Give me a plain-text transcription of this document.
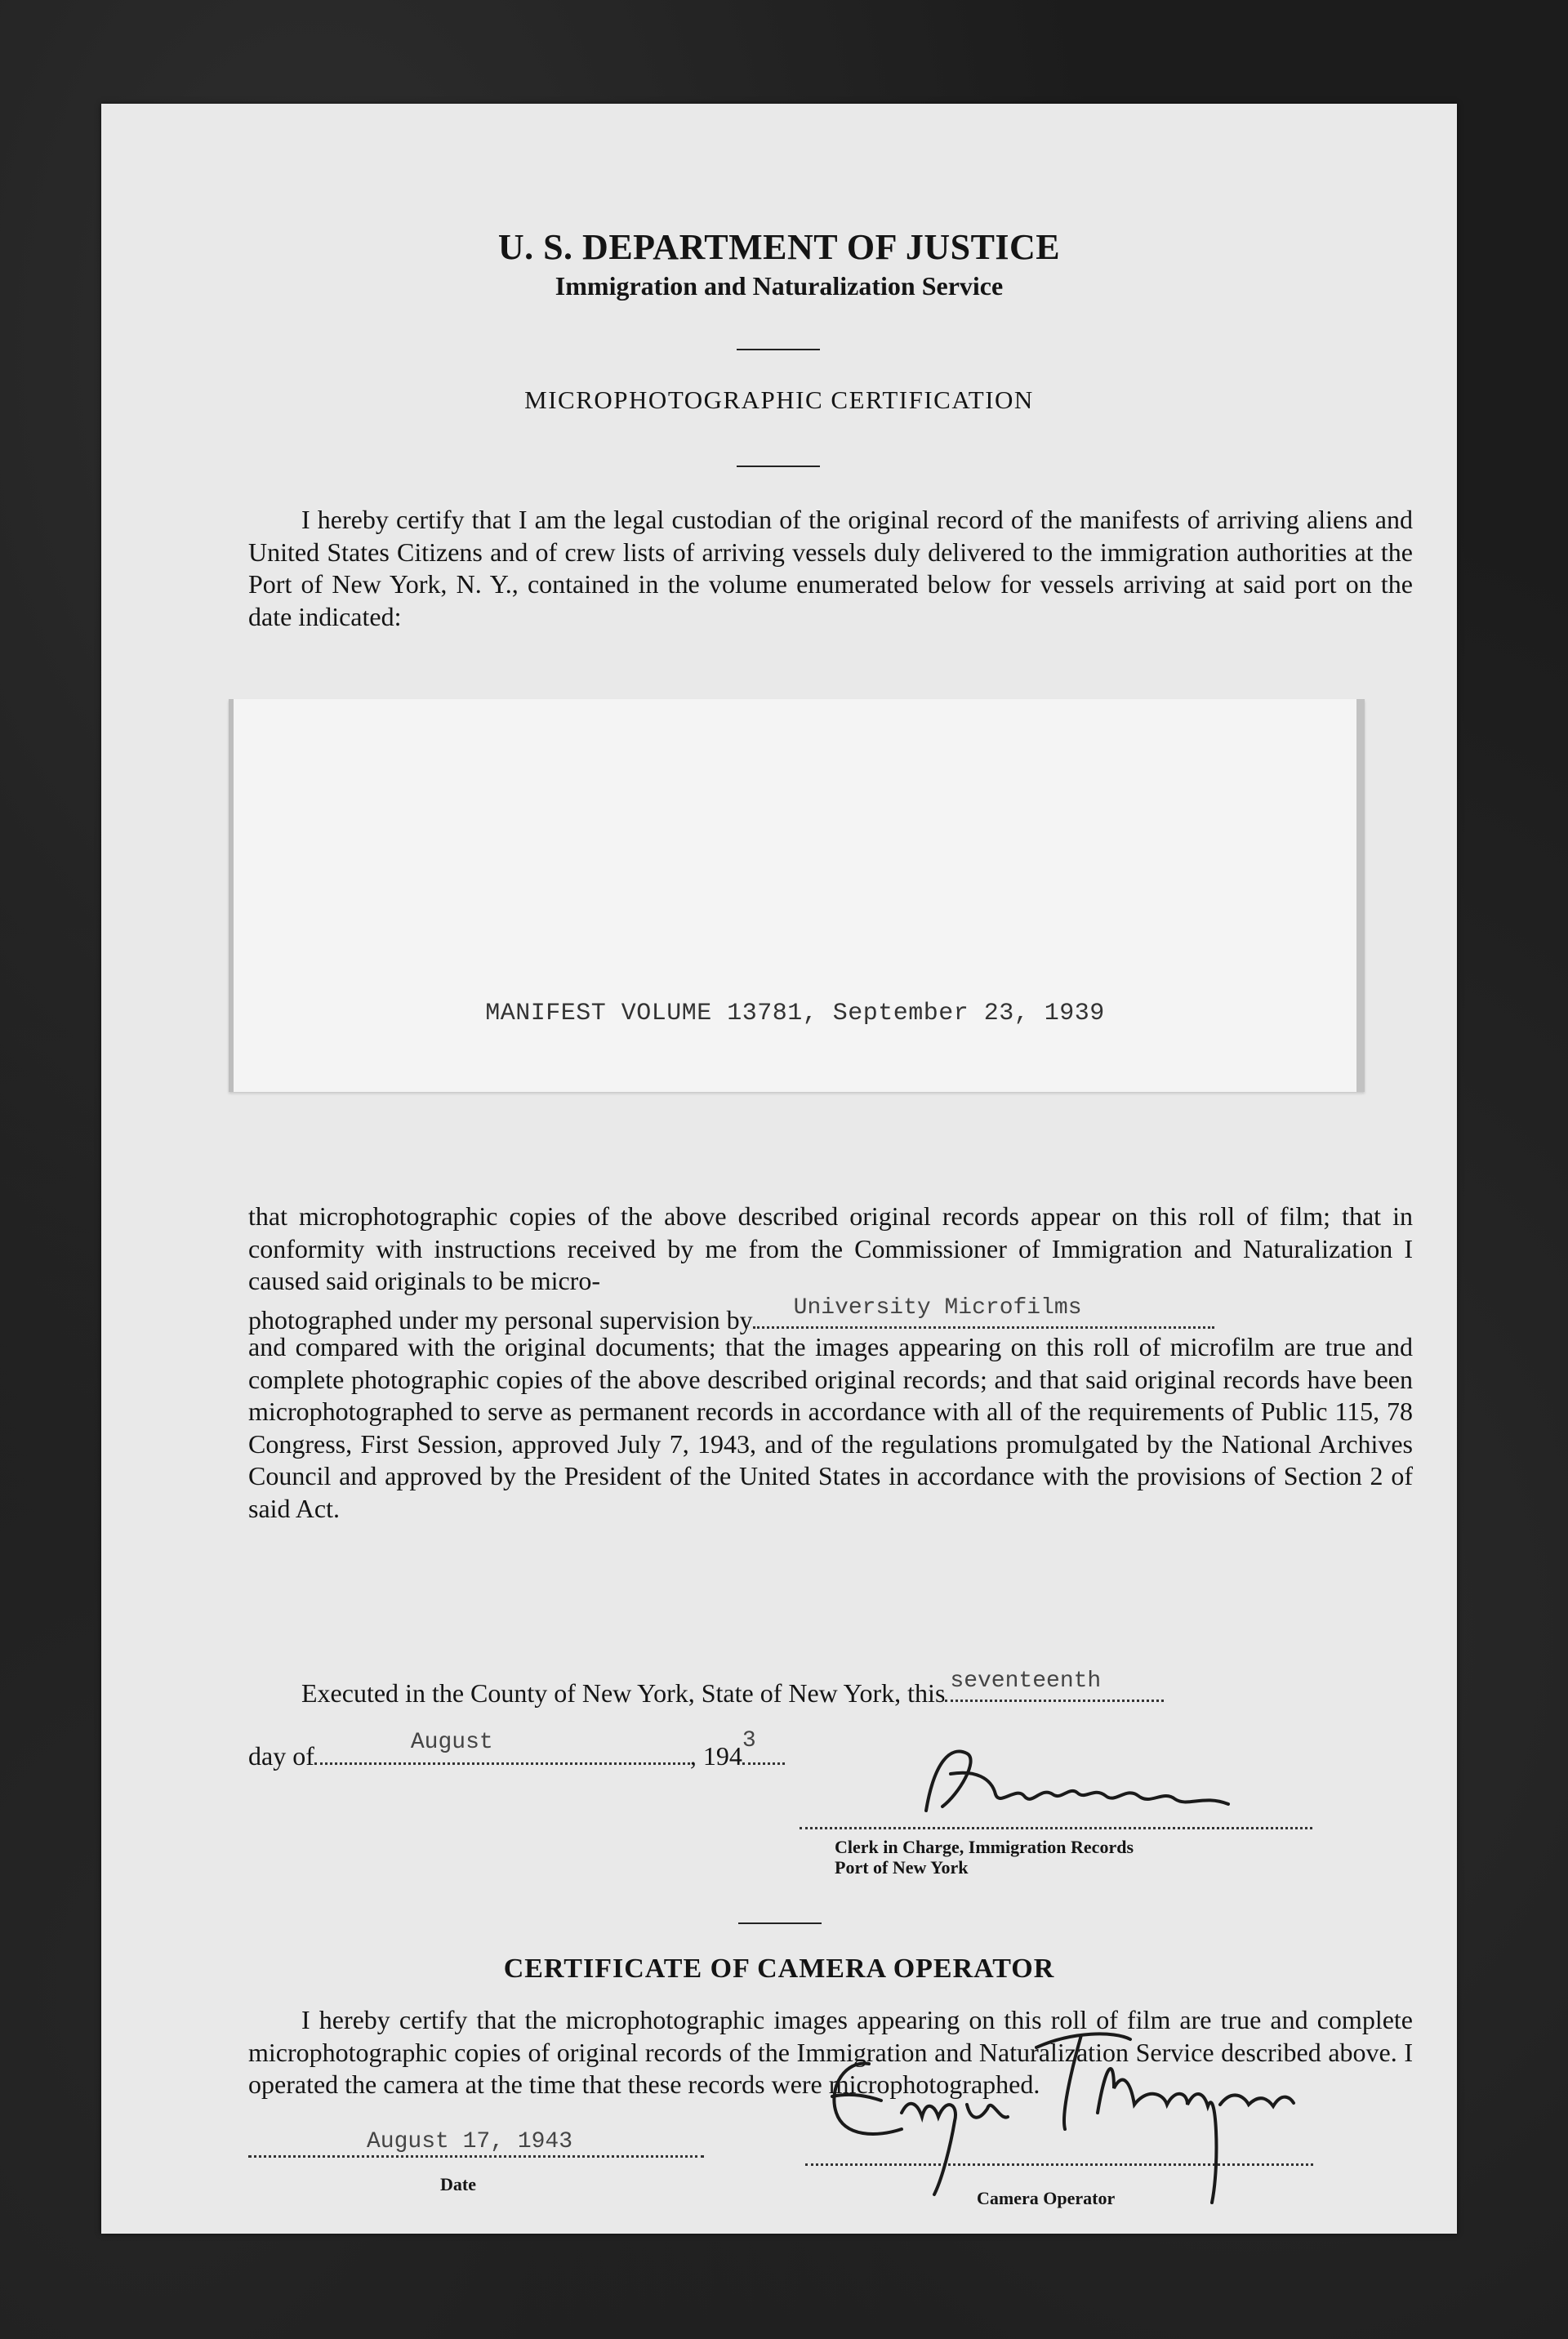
U. S. DEPARTMENT OF JUSTICE
Immigration and Naturalization Service
MICROPHOTOGRAPHIC CERTIFICATION
I hereby certify that I am the legal custodian of the original record of the manifests of arriving aliens and United States Citizens and of crew lists of arriving vessels duly delivered to the immigration authorities at the Port of New York, N. Y., contained in the volume enumerated below for vessels arriving at said port on the date indicated:
MANIFEST VOLUME 13781, September 23, 1939
that microphotographic copies of the above described original records appear on this roll of film; that in conformity with instructions received by me from the Commissioner of Immigration and Naturalization I caused said originals to be micro-
photographed under my personal supervision by University Microfilms
and compared with the original documents; that the images appearing on this roll of microfilm are true and complete photographic copies of the above described original records; and that said original records have been microphotographed to serve as permanent records in accordance with all of the requirements of Public 115, 78 Congress, First Session, approved July 7, 1943, and of the regulations promulgated by the National Archives Council and approved by the President of the United States in accordance with the provisions of Section 2 of said Act.
Executed in the County of New York, State of New York, this seventeenth
day of	August	, 194
3
Clerk in Charge, Immigration Records
Port of New York
CERTIFICATE OF CAMERA OPERATOR
I hereby certify that the microphotographic images appearing on this roll of film are true and complete microphotographic copies of original records of the Immigration and Naturalization Service described above. I operated the camera at the time that these records were microphotographed.
August 17, 1943
Date
Camera Operator
